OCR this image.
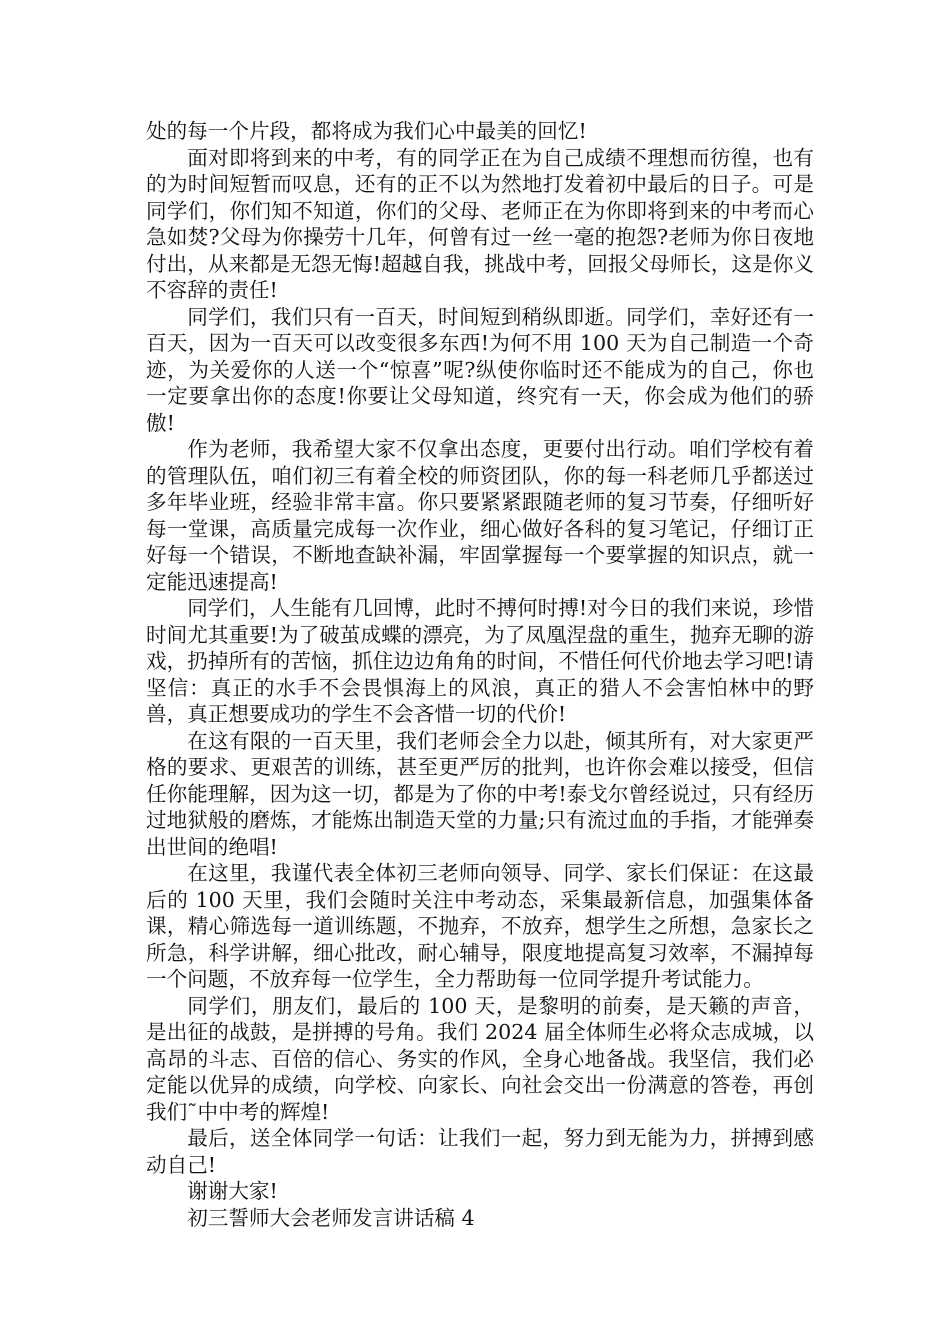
处的每一个片段，都将成为我们心中最美的回忆!

面对即将到来的中考，有的同学正在为自己成绩不理想而彷徨，也有的为时间短暂而叹息，还有的正不以为然地打发着初中最后的日子。可是同学们，你们知不知道，你们的父母、老师正在为你即将到来的中考而心急如焚?父母为你操劳十几年，何曾有过一丝一毫的抱怨?老师为你日夜地付出，从来都是无怨无悔!超越自我，挑战中考，回报父母师长，这是你义不容辞的责任!

同学们，我们只有一百天，时间短到稍纵即逝。同学们，幸好还有一百天，因为一百天可以改变很多东西!为何不用 100 天为自己制造一个奇迹，为关爱你的人送一个“惊喜”呢?纵使你临时还不能成为的自己，你也一定要拿出你的态度!你要让父母知道，终究有一天，你会成为他们的骄傲!

作为老师，我希望大家不仅拿出态度，更要付出行动。咱们学校有着的管理队伍，咱们初三有着全校的师资团队，你的每一科老师几乎都送过多年毕业班，经验非常丰富。你只要紧紧跟随老师的复习节奏，仔细听好每一堂课，高质量完成每一次作业，细心做好各科的复习笔记，仔细订正好每一个错误，不断地查缺补漏，牢固掌握每一个要掌握的知识点，就一定能迅速提高!

同学们，人生能有几回博，此时不搏何时搏!对今日的我们来说，珍惜时间尤其重要!为了破茧成蝶的漂亮，为了凤凰涅盘的重生，抛弃无聊的游戏，扔掉所有的苦恼，抓住边边角角的时间，不惜任何代价地去学习吧!请坚信：真正的水手不会畏惧海上的风浪，真正的猎人不会害怕林中的野兽，真正想要成功的学生不会吝惜一切的代价!

在这有限的一百天里，我们老师会全力以赴，倾其所有，对大家更严格的要求、更艰苦的训练，甚至更严厉的批判，也许你会难以接受，但信任你能理解，因为这一切，都是为了你的中考!泰戈尔曾经说过，只有经历过地狱般的磨炼，才能炼出制造天堂的力量;只有流过血的手指，才能弹奏出世间的绝唱!

在这里，我谨代表全体初三老师向领导、同学、家长们保证：在这最后的 100 天里，我们会随时关注中考动态，采集最新信息，加强集体备课，精心筛选每一道训练题，不抛弃，不放弃，想学生之所想，急家长之所急，科学讲解，细心批改，耐心辅导，限度地提高复习效率，不漏掉每一个问题，不放弃每一位学生，全力帮助每一位同学提升考试能力。

同学们，朋友们，最后的 100 天，是黎明的前奏，是天籁的声音，是出征的战鼓，是拼搏的号角。我们 2024 届全体师生必将众志成城，以高昂的斗志、百倍的信心、务实的作风，全身心地备战。我坚信，我们必定能以优异的成绩，向学校、向家长、向社会交出一份满意的答卷，再创我们˜中中考的辉煌!

最后，送全体同学一句话：让我们一起，努力到无能为力，拼搏到感动自己!

谢谢大家!

初三誓师大会老师发言讲话稿 4
